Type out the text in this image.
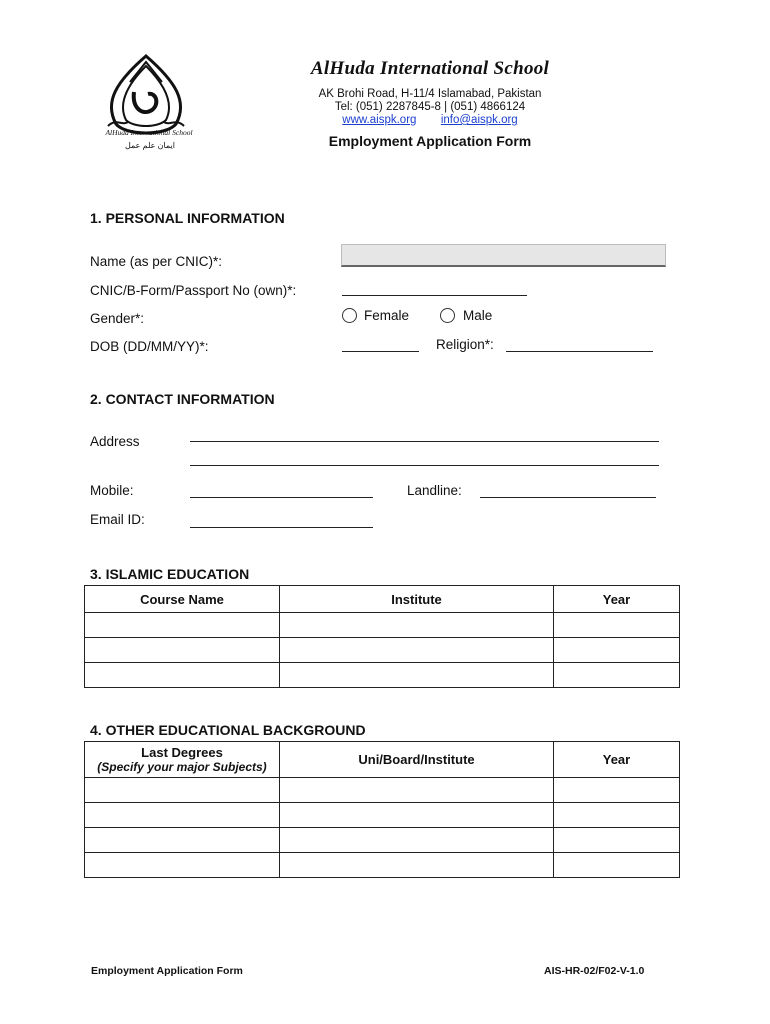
AlHuda International School
ایمان علم عمل
AlHuda International School
AK Brohi Road, H-11/4 Islamabad, Pakistan
Tel: (051) 2287845-8 | (051) 4866124
www.aispk.org info@aispk.org
Employment Application Form
1. PERSONAL INFORMATION
Name (as per CNIC)*:
CNIC/B-Form/Passport No (own)*:
Gender*:	Female	Male
DOB (DD/MM/YY)*:	Religion*:
2. CONTACT INFORMATION
Address
Mobile:	Landline:
Email ID:
3. ISLAMIC EDUCATION
Course Name	Institute	Year

4. OTHER EDUCATIONAL BACKGROUND
Last Degrees
(Specify your major Subjects)	Uni/Board/Institute	Year

Employment Application Form	AIS-HR-02/F02-V-1.0
